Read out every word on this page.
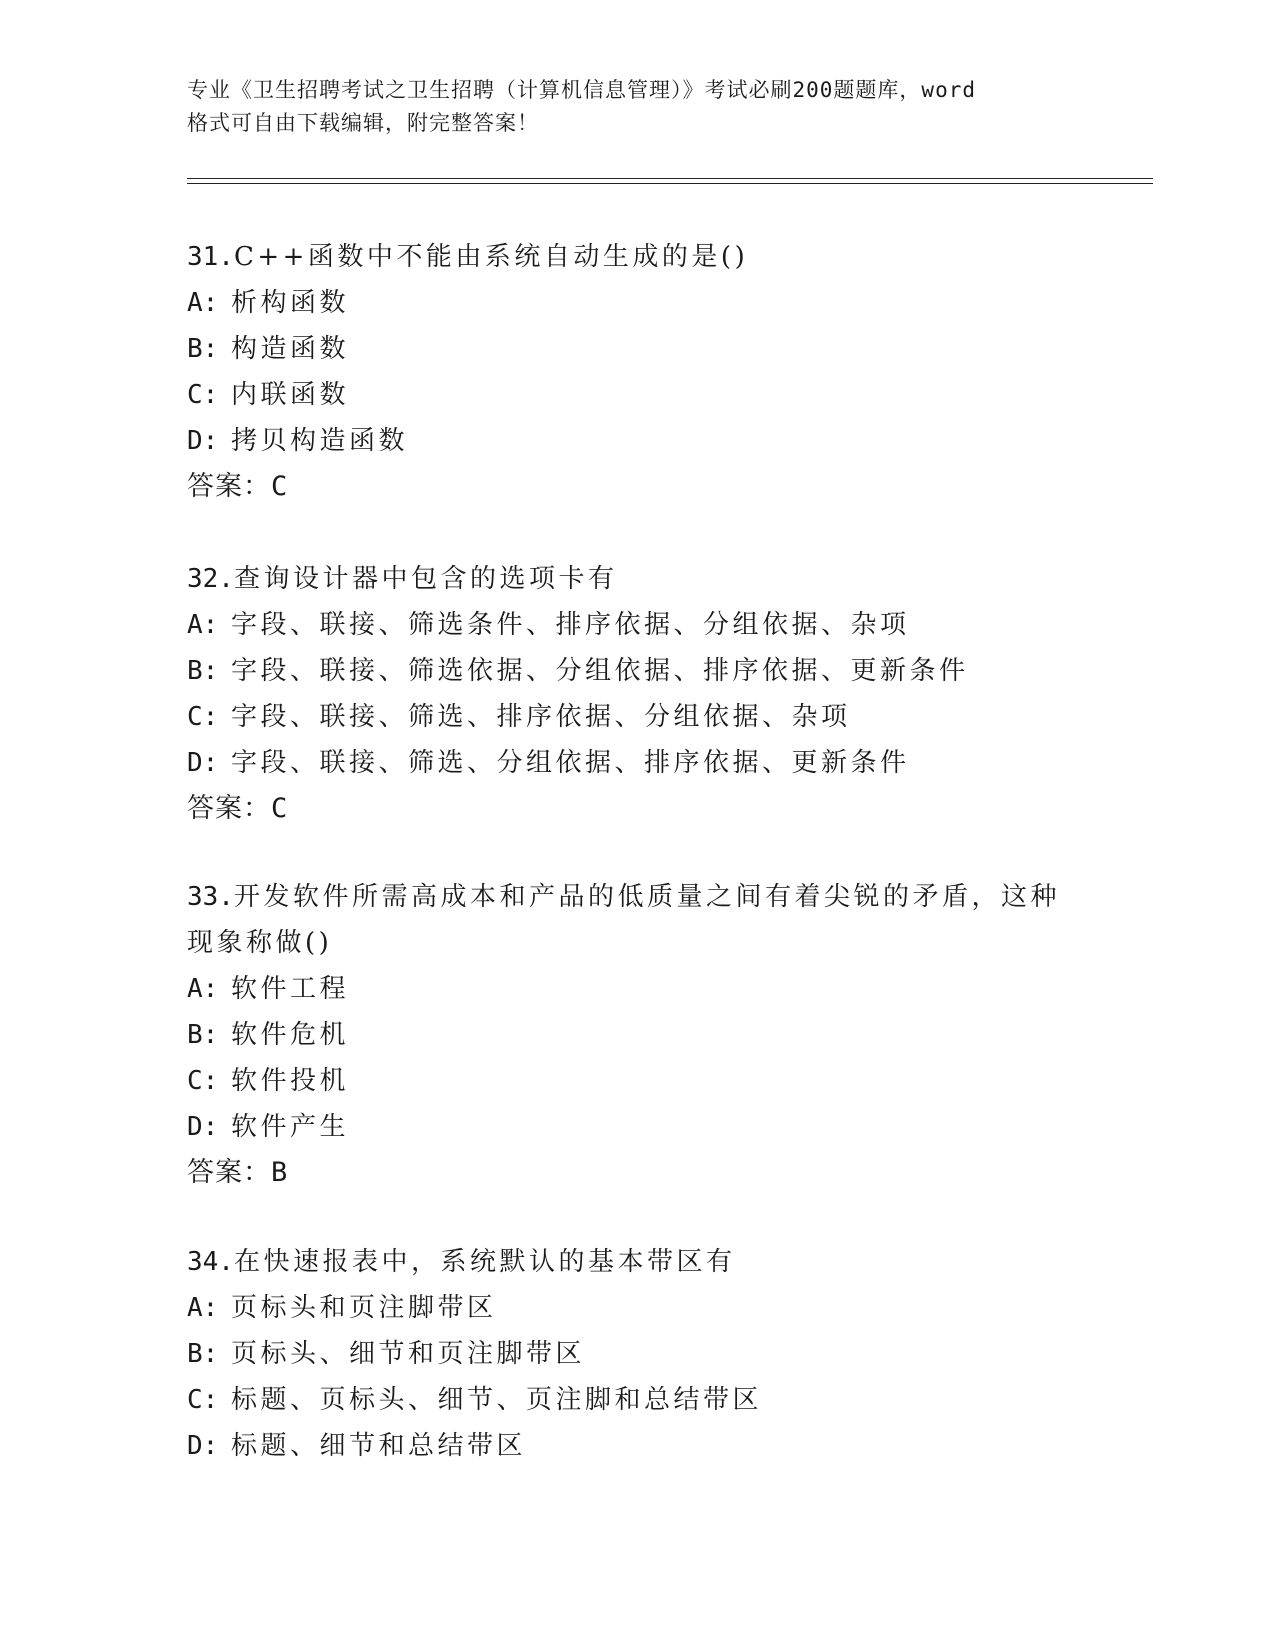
专业《卫生招聘考试之卫生招聘（计算机信息管理）》考试必刷200题题库，word
格式可自由下载编辑，附完整答案！
31.C++函数中不能由系统自动生成的是()
A: 析构函数
B: 构造函数
C: 内联函数
D: 拷贝构造函数
答案：C
32.查询设计器中包含的选项卡有
A: 字段、联接、筛选条件、排序依据、分组依据、杂项
B: 字段、联接、筛选依据、分组依据、排序依据、更新条件
C: 字段、联接、筛选、排序依据、分组依据、杂项
D: 字段、联接、筛选、分组依据、排序依据、更新条件
答案：C
33.开发软件所需高成本和产品的低质量之间有着尖锐的矛盾，这种现象称做()
A: 软件工程
B: 软件危机
C: 软件投机
D: 软件产生
答案：B
34.在快速报表中，系统默认的基本带区有
A: 页标头和页注脚带区
B: 页标头、细节和页注脚带区
C: 标题、页标头、细节、页注脚和总结带区
D: 标题、细节和总结带区
